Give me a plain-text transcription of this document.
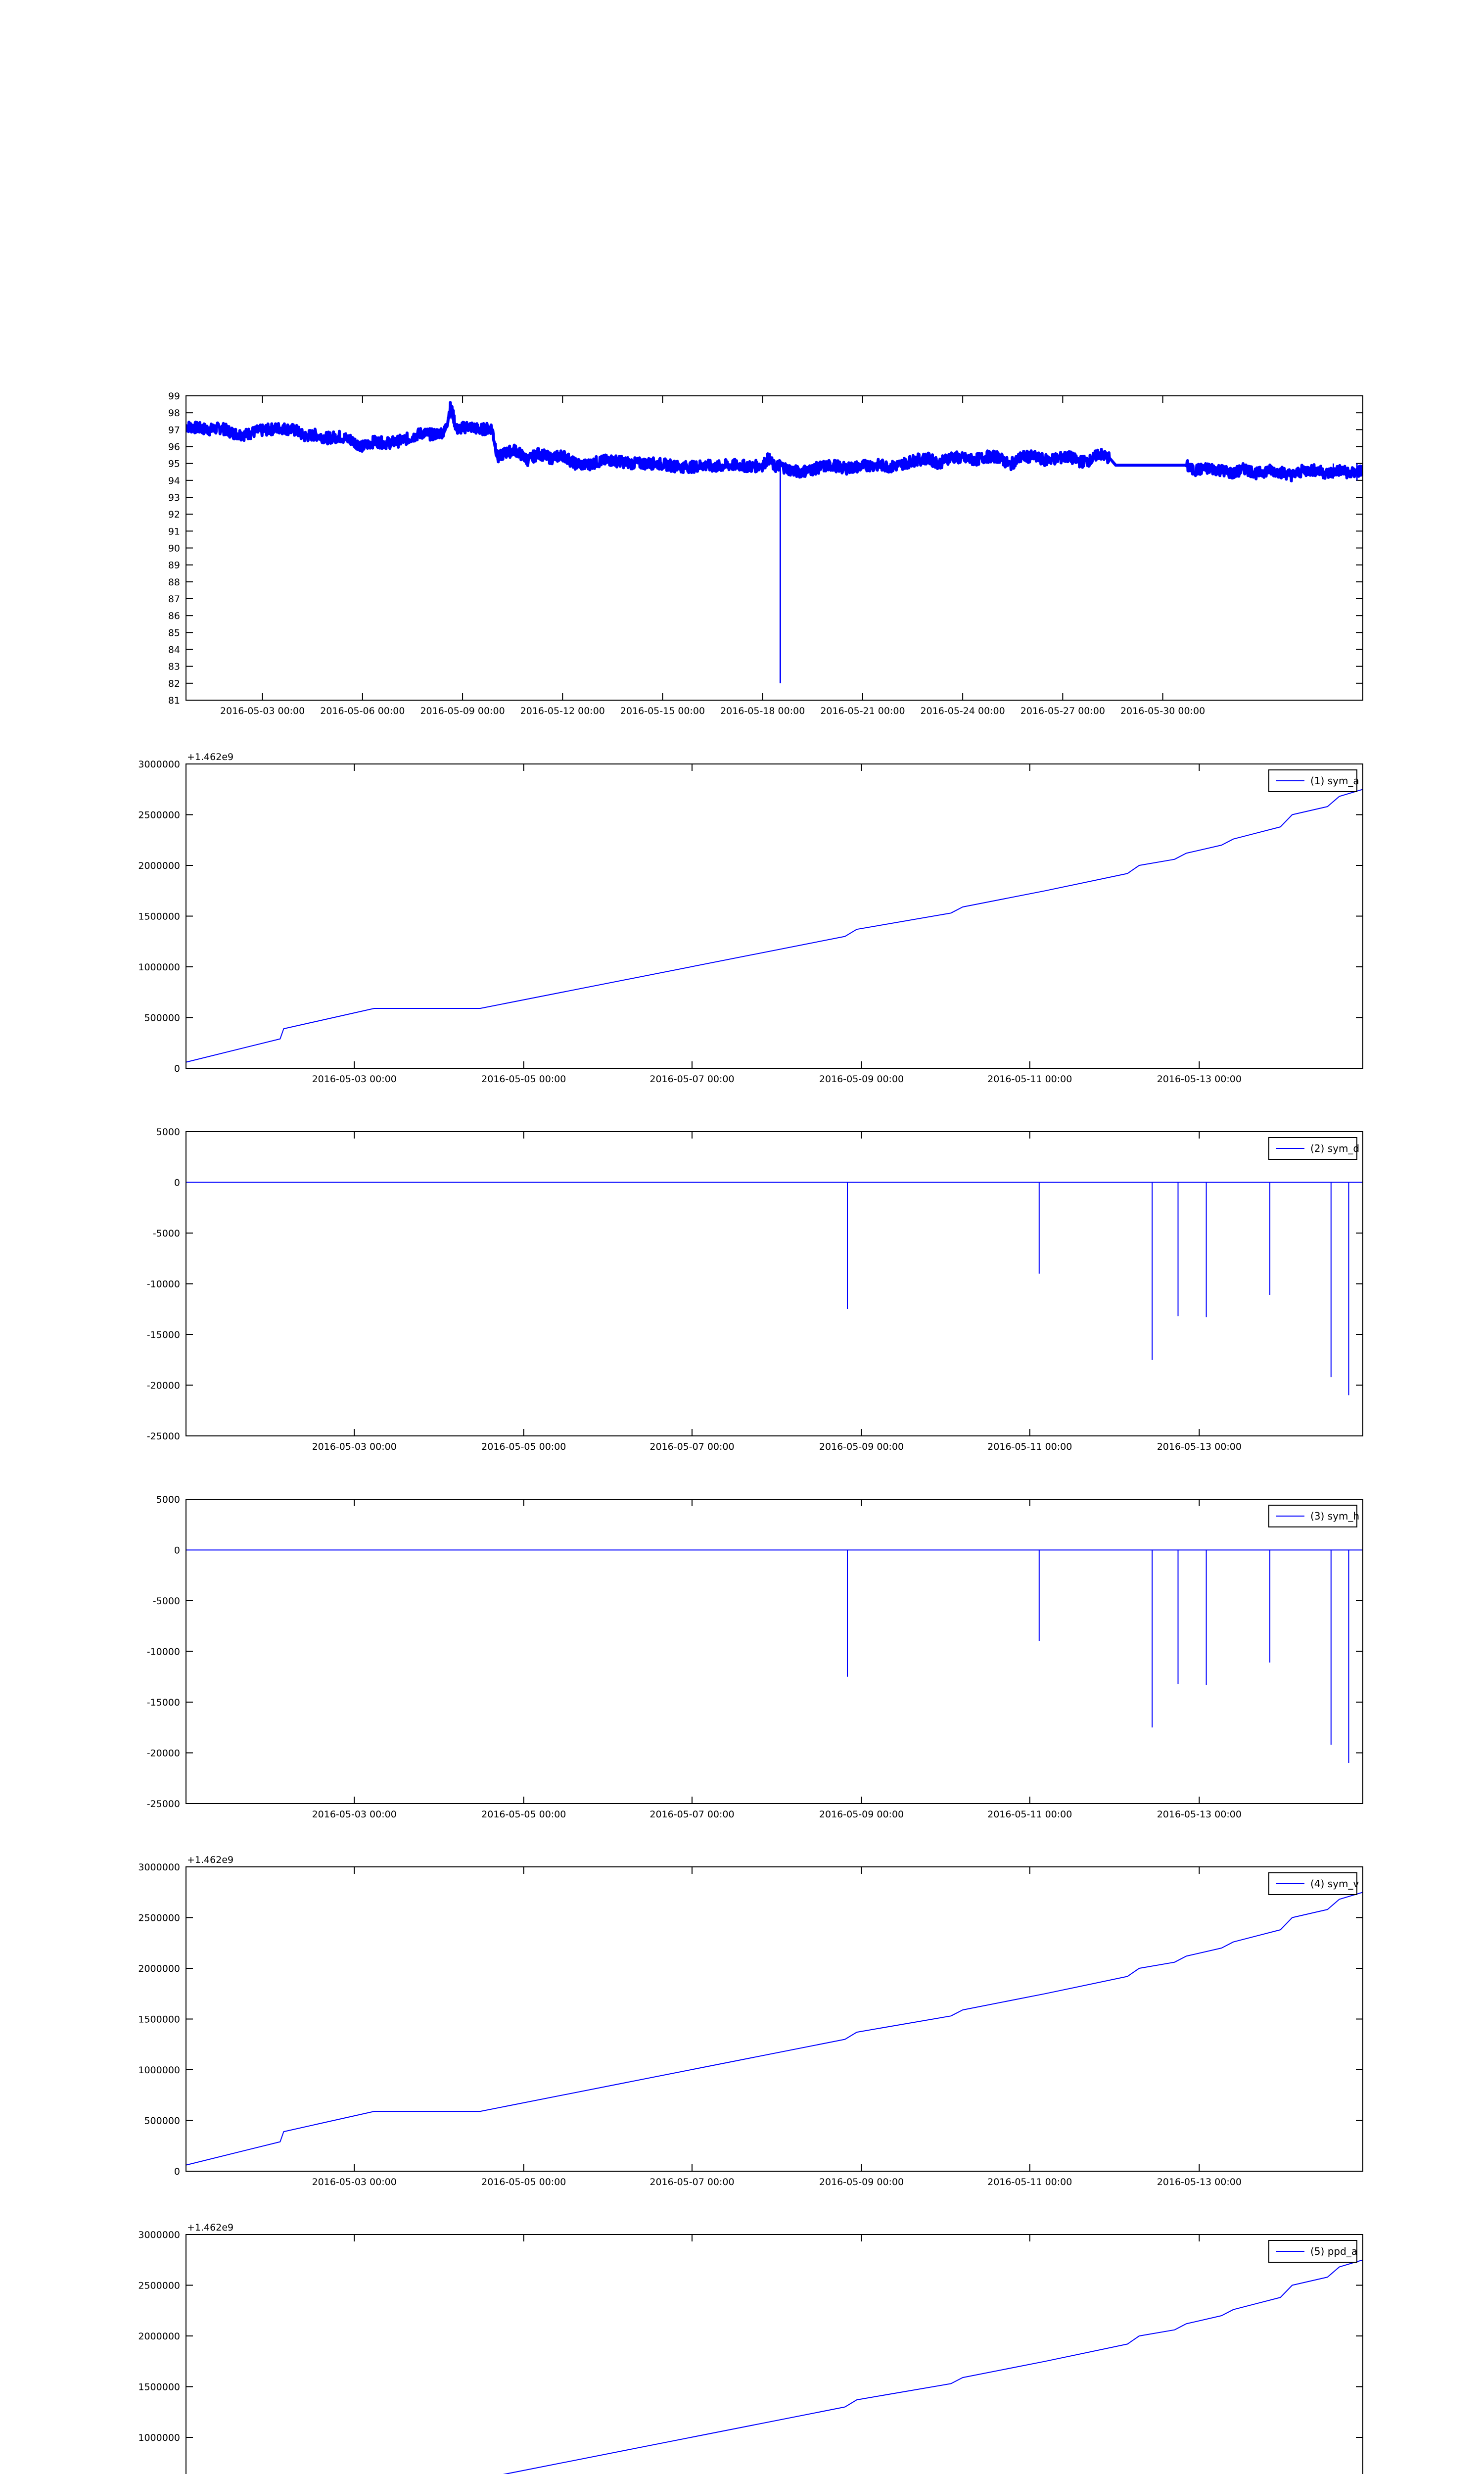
81
82
83
84
85
86
87
88
89
90
91
92
93
94
95
96
97
98
99
2016-05-03 00:00 2016-05-06 00:00 2016-05-09 00:00 2016-05-12 00:00 2016-05-15 00:00 2016-05-18 00:00 2016-05-21 00:00 2016-05-24 00:00 2016-05-27 00:00 2016-05-30 00:00
0
500000
1000000
1500000
2000000
2500000
3000000
2016-05-03 00:00	2016-05-05 00:00	2016-05-07 00:00	2016-05-09 00:00	2016-05-11 00:00	2016-05-13 00:00
+1.462e9
(1) sym_a
-25000
-20000
-15000
-10000
-5000
0
5000
2016-05-03 00:00	2016-05-05 00:00	2016-05-07 00:00	2016-05-09 00:00	2016-05-11 00:00	2016-05-13 00:00
(2) sym_d
-25000
-20000
-15000
-10000
-5000
0
5000
2016-05-03 00:00	2016-05-05 00:00	2016-05-07 00:00	2016-05-09 00:00	2016-05-11 00:00	2016-05-13 00:00
(3) sym_h
0
500000
1000000
1500000
2000000
2500000
3000000
2016-05-03 00:00	2016-05-05 00:00	2016-05-07 00:00	2016-05-09 00:00	2016-05-11 00:00	2016-05-13 00:00
+1.462e9
(4) sym_v
1000000
1500000
2000000
2500000
3000000
+1.462e9
(5) ppd_a
